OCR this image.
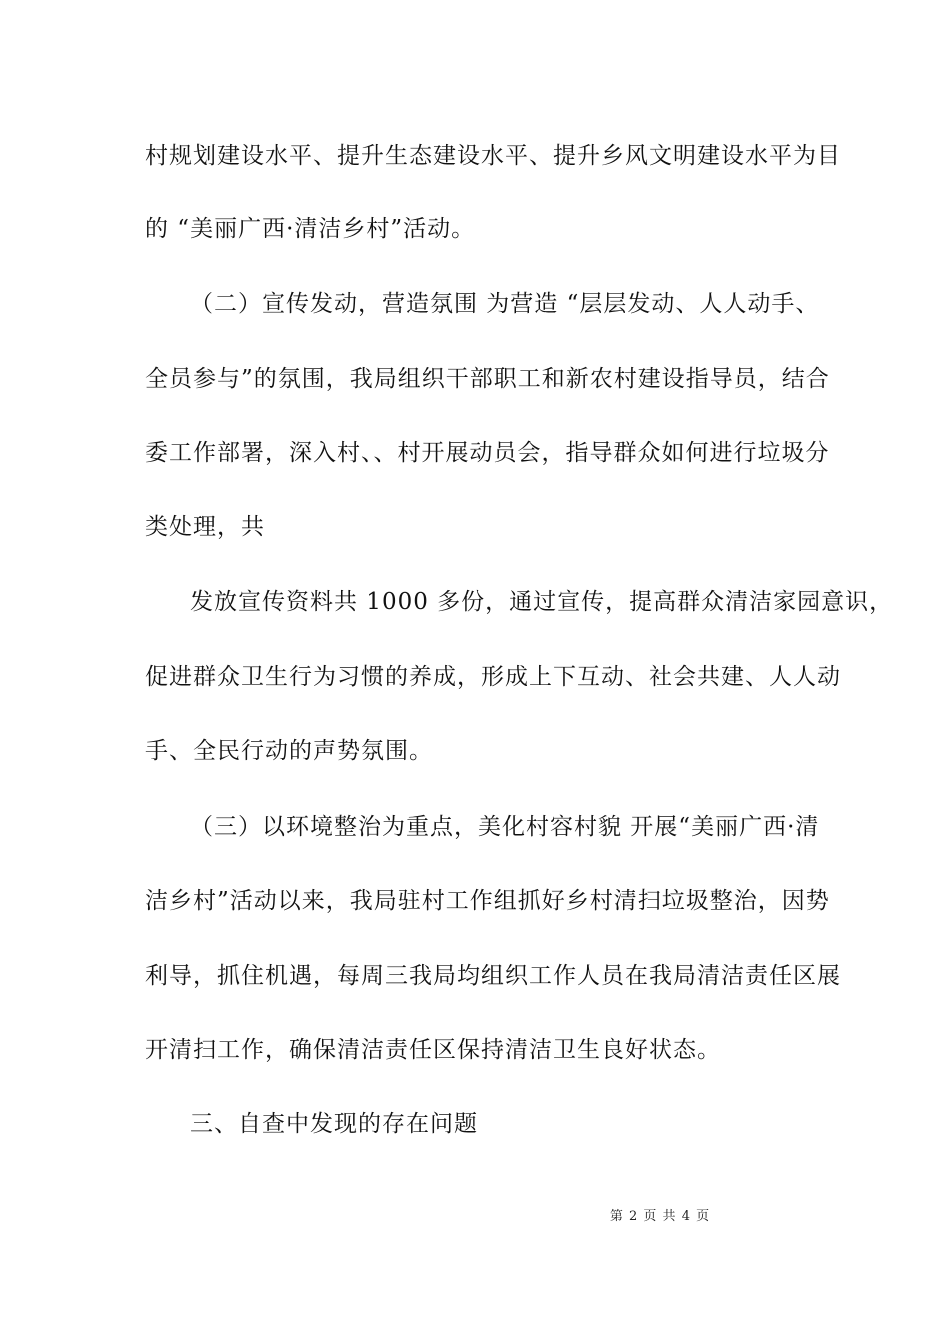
村规划建设水平、提升生态建设水平、提升乡风文明建设水平为目
的 “美丽广西·清洁乡村”活动。
（二）宣传发动，营造氛围 为营造 “层层发动、人人动手、
全员参与”的氛围，我局组织干部职工和新农村建设指导员，结合
委工作部署，深入村、、村开展动员会，指导群众如何进行垃圾分
类处理，共
发放宣传资料共 1000 多份，通过宣传，提高群众清洁家园意识，
促进群众卫生行为习惯的养成，形成上下互动、社会共建、人人动
手、全民行动的声势氛围。
（三）以环境整治为重点，美化村容村貌 开展“美丽广西·清
洁乡村”活动以来，我局驻村工作组抓好乡村清扫垃圾整治，因势
利导，抓住机遇，每周三我局均组织工作人员在我局清洁责任区展
开清扫工作，确保清洁责任区保持清洁卫生良好状态。
三、自查中发现的存在问题
第 2 页 共 4 页
